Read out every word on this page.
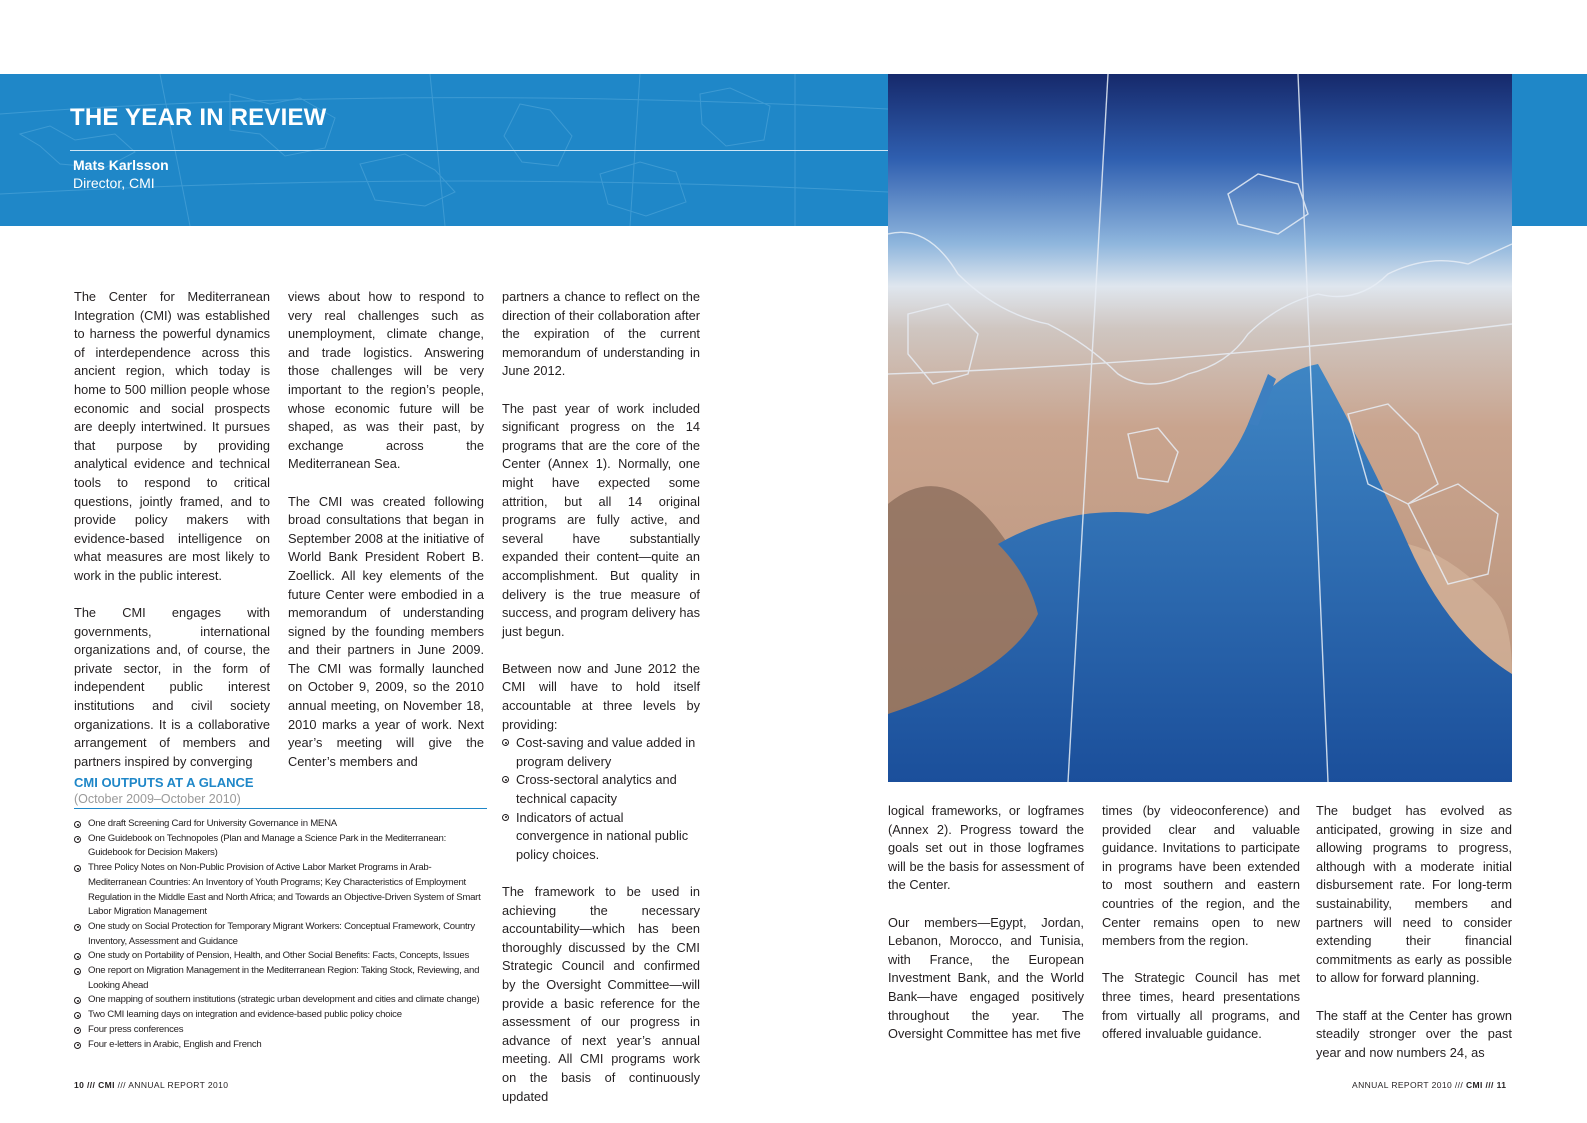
THE YEAR IN REVIEW
Mats Karlsson
Director, CMI

The Center for Mediterranean Integration (CMI) was established to harness the powerful dynamics of interdependence across this ancient region, which today is home to 500 million people whose economic and social prospects are deeply intertwined. It pursues that purpose by providing analytical evidence and technical tools to respond to critical questions, jointly framed, and to provide policy makers with evidence-based intelligence on what measures are most likely to work in the public interest.

The CMI engages with governments, international organizations and, of course, the private sector, in the form of independent public interest institutions and civil society organizations. It is a collaborative arrangement of members and partners inspired by converging

views about how to respond to very real challenges such as unemployment, climate change, and trade logistics. Answering those challenges will be very important to the region’s people, whose economic future will be shaped, as was their past, by exchange across the Mediterranean Sea.

The CMI was created following broad consultations that began in September 2008 at the initiative of World Bank President Robert B. Zoellick. All key elements of the future Center were embodied in a memorandum of understanding signed by the founding members and their partners in June 2009. The CMI was formally launched on October 9, 2009, so the 2010 annual meeting, on November 18, 2010 marks a year of work. Next year’s meeting will give the Center’s members and

partners a chance to reflect on the direction of their collaboration after the expiration of the current memorandum of understanding in June 2012.

The past year of work included significant progress on the 14 programs that are the core of the Center (Annex 1). Normally, one might have expected some attrition, but all 14 original programs are fully active, and several have substantially expanded their content—quite an accomplishment. But quality in delivery is the true measure of success, and program delivery has just begun.

Between now and June 2012 the CMI will have to hold itself accountable at three levels by providing:

Cost-saving and value added in program delivery
Cross-sectoral analytics and technical capacity
Indicators of actual convergence in national public policy choices.

The framework to be used in achieving the necessary accountability—which has been thoroughly discussed by the CMI Strategic Council and confirmed by the Oversight Committee—will provide a basic reference for the assessment of our progress in advance of next year’s annual meeting. All CMI programs work on the basis of continuously updated

CMI OUTPUTS AT A GLANCE
(October 2009–October 2010)
One draft Screening Card for University Governance in MENA
One Guidebook on Technopoles (Plan and Manage a Science Park in the Mediterranean: Guidebook for Decision Makers)
Three Policy Notes on Non-Public Provision of Active Labor Market Programs in Arab-Mediterranean Countries: An Inventory of Youth Programs; Key Characteristics of Employment Regulation in the Middle East and North Africa; and Towards an Objective-Driven System of Smart Labor Migration Management
One study on Social Protection for Temporary Migrant Workers: Conceptual Framework, Country Inventory, Assessment and Guidance
One study on Portability of Pension, Health, and Other Social Benefits: Facts, Concepts, Issues
One report on Migration Management in the Mediterranean Region: Taking Stock, Reviewing, and Looking Ahead
One mapping of southern institutions (strategic urban development and cities and climate change)
Two CMI learning days on integration and evidence-based public policy choice
Four press conferences
Four e-letters in Arabic, English and French

logical frameworks, or logframes (Annex 2). Progress toward the goals set out in those logframes will be the basis for assessment of the Center.

Our members—Egypt, Jordan, Lebanon, Morocco, and Tunisia, with France, the European Investment Bank, and the World Bank—have engaged positively throughout the year. The Oversight Committee has met five

times (by videoconference) and provided clear and valuable guidance. Invitations to participate in programs have been extended to most southern and eastern countries of the region, and the Center remains open to new members from the region.

The Strategic Council has met three times, heard presentations from virtually all programs, and offered invaluable guidance.

The budget has evolved as anticipated, growing in size and allowing programs to progress, although with a moderate initial disbursement rate. For long-term sustainability, members and partners will need to consider extending their financial commitments as early as possible to allow for forward planning.

The staff at the Center has grown steadily stronger over the past year and now numbers 24, as

10 /// CMI /// ANNUAL REPORT 2010	ANNUAL REPORT 2010 /// CMI /// 11
